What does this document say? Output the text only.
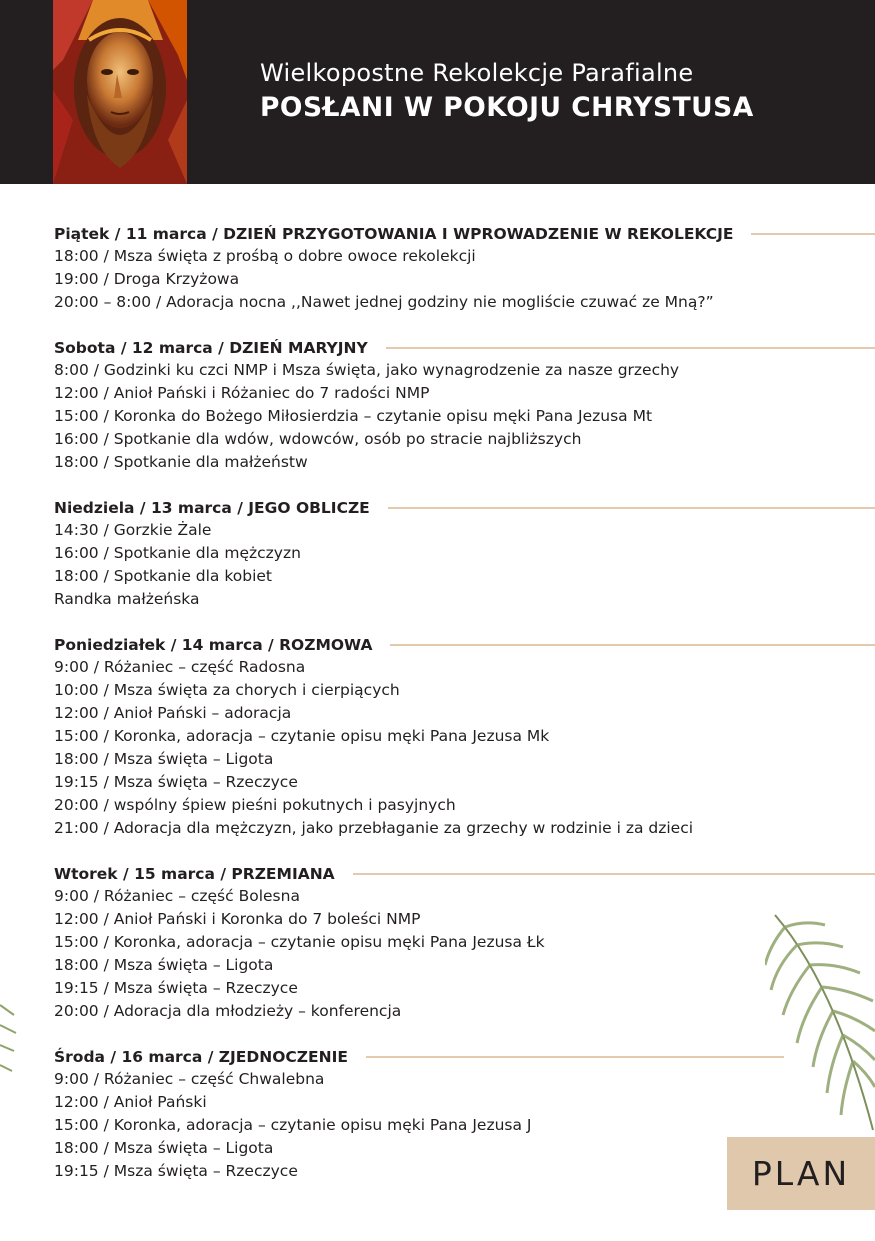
Wielkopostne Rekolekcje Parafialne
POSŁANI W POKOJU CHRYSTUSA
Piątek / 11 marca / DZIEŃ PRZYGOTOWANIA I WPROWADZENIE W REKOLEKCJE
18:00 / Msza święta z prośbą o dobre owoce rekolekcji
19:00 / Droga Krzyżowa
20:00 – 8:00 / Adoracja nocna ,,Nawet jednej godziny nie mogliście czuwać ze Mną?”
Sobota / 12 marca / DZIEŃ MARYJNY
8:00 / Godzinki ku czci NMP i Msza święta, jako wynagrodzenie za nasze grzechy
12:00 / Anioł Pański i Różaniec do 7 radości NMP
15:00 / Koronka do Bożego Miłosierdzia – czytanie opisu męki Pana Jezusa Mt
16:00 / Spotkanie dla wdów, wdowców, osób po stracie najbliższych
18:00 / Spotkanie dla małżeństw
Niedziela / 13 marca / JEGO OBLICZE
14:30 / Gorzkie Żale
16:00 / Spotkanie dla mężczyzn
18:00 / Spotkanie dla kobiet
Randka małżeńska
Poniedziałek / 14 marca / ROZMOWA
9:00 / Różaniec – część Radosna
10:00 / Msza święta za chorych i cierpiących
12:00 / Anioł Pański – adoracja
15:00 / Koronka, adoracja – czytanie opisu męki Pana Jezusa Mk
18:00 / Msza święta – Ligota
19:15 / Msza święta – Rzeczyce
20:00 / wspólny śpiew pieśni pokutnych i pasyjnych
21:00 / Adoracja dla mężczyzn, jako przebłaganie za grzechy w rodzinie i za dzieci
Wtorek / 15 marca / PRZEMIANA
9:00 / Różaniec – część Bolesna
12:00 / Anioł Pański i Koronka do 7 boleści NMP
15:00 / Koronka, adoracja – czytanie opisu męki Pana Jezusa Łk
18:00 / Msza święta – Ligota
19:15 / Msza święta – Rzeczyce
20:00 / Adoracja dla młodzieży – konferencja
Środa / 16 marca / ZJEDNOCZENIE
9:00 / Różaniec – część Chwalebna
12:00 / Anioł Pański
15:00 / Koronka, adoracja – czytanie opisu męki Pana Jezusa J
18:00 / Msza święta – Ligota
19:15 / Msza święta – Rzeczyce	PLAN
